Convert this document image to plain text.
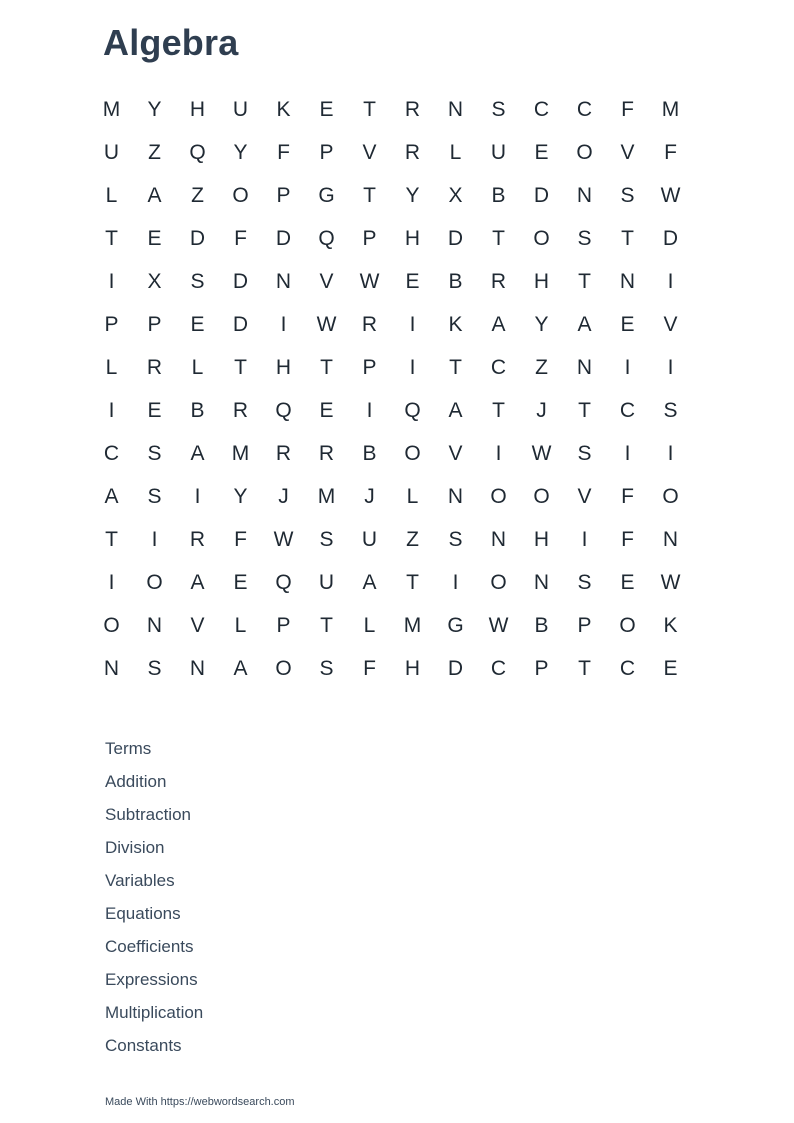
Algebra
M	Y	H	U	K	E	T	R	N	S	C	C	F	M
U	Z	Q	Y	F	P	V	R	L	U	E	O	V	F
L	A	Z	O	P	G	T	Y	X	B	D	N	S	W
T	E	D	F	D	Q	P	H	D	T	O	S	T	D
I	X	S	D	N	V	W	E	B	R	H	T	N	I
P	P	E	D	I	W	R	I	K	A	Y	A	E	V
L	R	L	T	H	T	P	I	T	C	Z	N	I	I
I	E	B	R	Q	E	I	Q	A	T	J	T	C	S
C	S	A	M	R	R	B	O	V	I	W	S	I	I
A	S	I	Y	J	M	J	L	N	O	O	V	F	O
T	I	R	F	W	S	U	Z	S	N	H	I	F	N
I	O	A	E	Q	U	A	T	I	O	N	S	E	W
O	N	V	L	P	T	L	M	G	W	B	P	O	K
N	S	N	A	O	S	F	H	D	C	P	T	C	E
Terms
Addition
Subtraction
Division
Variables
Equations
Coefficients
Expressions
Multiplication
Constants
Made With https://webwordsearch.com
